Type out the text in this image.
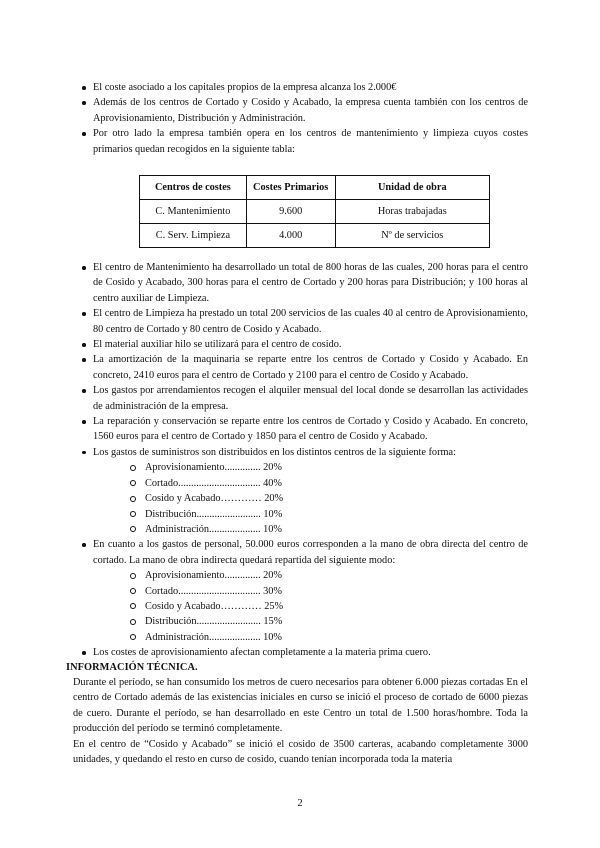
El coste asociado a los capitales propios de la empresa alcanza los 2.000€
Además de los centros de Cortado y Cosido y Acabado, la empresa cuenta también con los centros de Aprovisionamiento, Distribución y Administración.
Por otro lado la empresa también opera en los centros de mantenimiento y limpieza cuyos costes primarios quedan recogidos en la siguiente tabla:
Centros de costes	Costes Primarios	Unidad de obra
C. Mantenimiento	9.600	Horas trabajadas
C. Serv. Limpieza	4.000	Nº de servicios
El centro de Mantenimiento ha desarrollado un total de 800 horas de las cuales, 200 horas para el centro de Cosido y Acabado, 300 horas para el centro de Cortado y 200 horas para Distribución; y 100 horas al centro auxiliar de Limpieza.
El centro de Limpieza ha prestado un total 200 servicios de las cuales 40 al centro de Aprovisionamiento, 80 centro de Cortado y 80 centro de Cosido y Acabado.
El material auxiliar hilo se utilizará para el centro de cosido.
La amortización de la maquinaria se reparte entre los centros de Cortado y Cosido y Acabado. En concreto, 2410 euros para el centro de Cortado y 2100 para el centro de Cosido y Acabado.
Los gastos por arrendamientos recogen el alquiler mensual del local donde se desarrollan las actividades de administración de la empresa.
La reparación y conservación se reparte entre los centros de Cortado y Cosido y Acabado. En concreto, 1560 euros para el centro de Cortado y 1850 para el centro de Cosido y Acabado.
Los gastos de suministros son distribuidos en los distintos centros de la siguiente forma:
Aprovisionamiento.............. 20%
Cortado................................ 40%
Cosido y Acabado………… 20%
Distribución......................... 10%
Administración.................... 10%
En cuanto a los gastos de personal, 50.000 euros corresponden a la mano de obra directa del centro de cortado. La mano de obra indirecta quedará repartida del siguiente modo:
Aprovisionamiento.............. 20%
Cortado................................ 30%
Cosido y Acabado………… 25%
Distribución......................... 15%
Administración.................... 10%
Los costes de aprovisionamiento afectan completamente a la materia prima cuero.
INFORMACIÓN TÉCNICA.

Durante el período, se han consumido los metros de cuero necesarios para obtener 6.000 piezas cortadas En el centro de Cortado además de las existencias iniciales en curso se inició el proceso de cortado de 6000 piezas de cuero. Durante el período, se han desarrollado en este Centro un total de 1.500 horas/hombre. Toda la producción del período se terminó completamente.

En el centro de “Cosido y Acabado” se inició el cosido de 3500 carteras, acabando completamente 3000 unidades, y quedando el resto en curso de cosido, cuando tenían incorporada toda la materia

2
